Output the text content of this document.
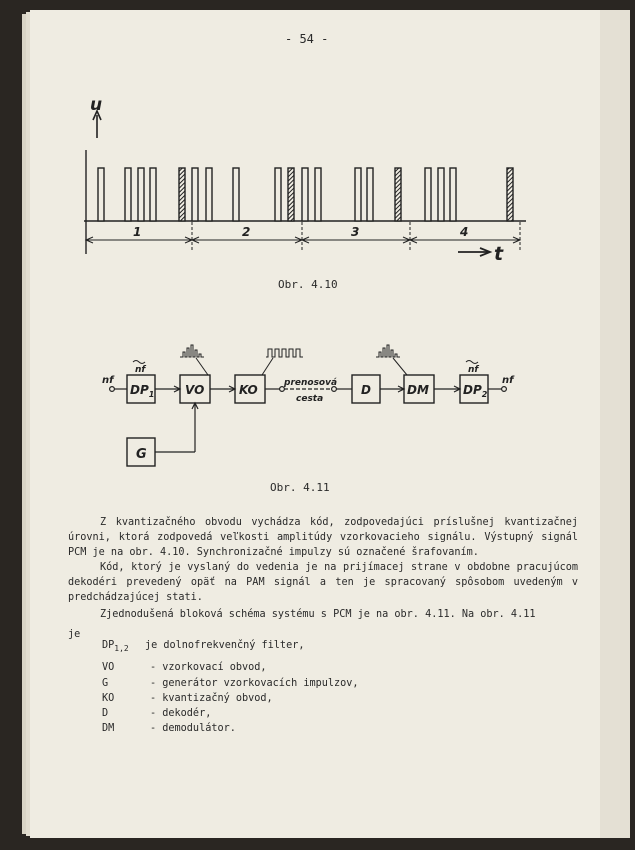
- 54 -
u
1	2	3	4
t
Obr. 4.10
$DP_1$	VO	KO	D	DM	$DP_2$
G
nf	nf
nf	nf
prenosová
cesta
Obr. 4.11

Z kvantizačného obvodu vychádza kód, zodpovedajúci príslušnej kvantizačnej úrovni, ktorá zodpovedá veľkosti amplitúdy vzorkovacieho signálu. Výstupný signál PCM je na obr. 4.10. Synchronizačné impulzy sú označené šrafovaním.

Kód, ktorý je vyslaný do vedenia je na prijímacej strane v obdobne pracujúcom dekodéri prevedený opäť na PAM signál a ten je spracovaný spôsobom uvedeným v predchádzajúcej stati.

Zjednodušená bloková schéma systému s PCM je na obr. 4.11. Na obr. 4.11

je
$DP_{1,2}$ je dolnofrekvenčný filter,
VO	- vzorkovací obvod,
G	- generátor vzorkovacích impulzov,
KO	- kvantizačný obvod,
D	- dekodér,
DM	- demodulátor.
